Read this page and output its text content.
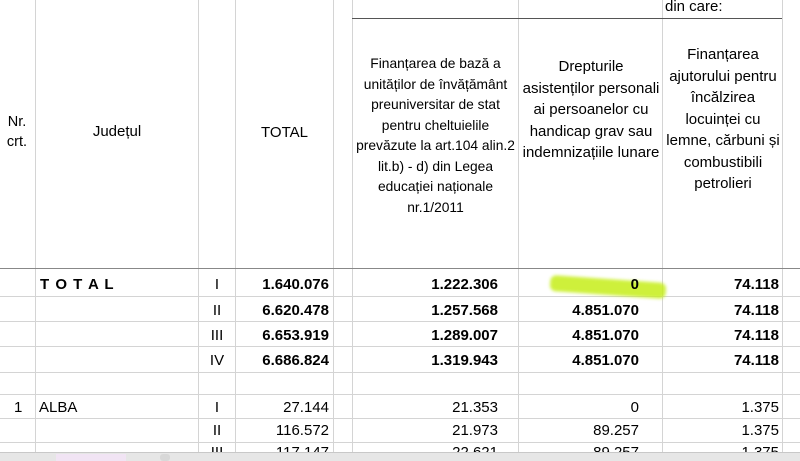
din care:
Nr. crt.
Județul	TOTAL
Finanțarea de bază a unităților de învățământ preuniversitar de stat pentru cheltuielile prevăzute la art.104 alin.2 lit.b) - d) din Legea educației naționale nr.1/2011
Drepturile asistenților personali ai persoanelor cu handicap grav sau indemnizațiile lunare
Finanțarea ajutorului pentru încălzirea locuinței cu lemne, cărbuni și combustibili petrolieri
T O T A L	I	1.640.076	1.222.306	0	74.118
II	6.620.478	1.257.568	4.851.070	74.118
III	6.653.919	1.289.007	4.851.070	74.118
IV	6.686.824	1.319.943	4.851.070	74.118
1 ALBA	I	27.144	21.353	0	1.375
II	116.572	21.973	89.257	1.375
